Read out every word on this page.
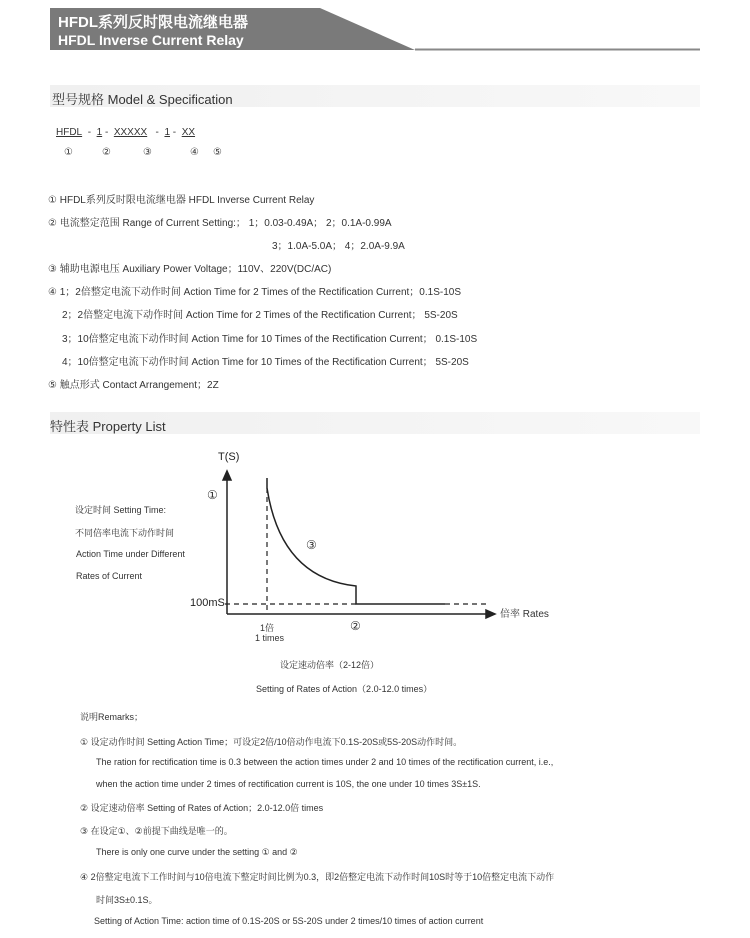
HFDL系列反时限电流继电器
HFDL Inverse Current Relay
型号规格 Model & Specification
HFDL - 1 - XXXXX - 1 - XX
①	②	③	④ ⑤
① HFDL系列反时限电流继电器 HFDL Inverse Current Relay
② 电流整定范围 Range of Current Setting:； 1；0.03-0.49A； 2；0.1A-0.99A
3；1.0A-5.0A； 4；2.0A-9.9A
③ 辅助电源电压 Auxiliary Power Voltage；110V、220V(DC/AC)
④ 1；2倍整定电流下动作时间 Action Time for 2 Times of the Rectification Current；0.1S-10S
2；2倍整定电流下动作时间 Action Time for 2 Times of the Rectification Current； 5S-20S
3；10倍整定电流下动作时间 Action Time for 10 Times of the Rectification Current； 0.1S-10S
4；10倍整定电流下动作时间 Action Time for 10 Times of the Rectification Current； 5S-20S
⑤ 触点形式 Contact Arrangement；2Z
特性表 Property List
T(S)
①
③
②
100mS
倍率 Rates
1倍
1 times
设定时间 Setting Time:
不同倍率电流下动作时间
Action Time under Different
Rates of Current
设定速动倍率（2-12倍）
Setting of Rates of Action（2.0-12.0 times）
说明Remarks；
① 设定动作时间 Setting Action Time；可设定2倍/10倍动作电流下0.1S-20S或5S-20S动作时间。
The ration for rectification time is 0.3 between the action times under 2 and 10 times of the rectification current, i.e.,
when the action time under 2 times of rectification current is 10S, the one under 10 times 3S±1S.
② 设定速动倍率 Setting of Rates of Action；2.0-12.0倍 times
③ 在设定①、②前提下曲线是唯一的。
There is only one curve under the setting ① and ②
④ 2倍整定电流下工作时间与10倍电流下整定时间比例为0.3，即2倍整定电流下动作时间10S时等于10倍整定电流下动作
时间3S±0.1S。
Setting of Action Time: action time of 0.1S-20S or 5S-20S under 2 times/10 times of action current
